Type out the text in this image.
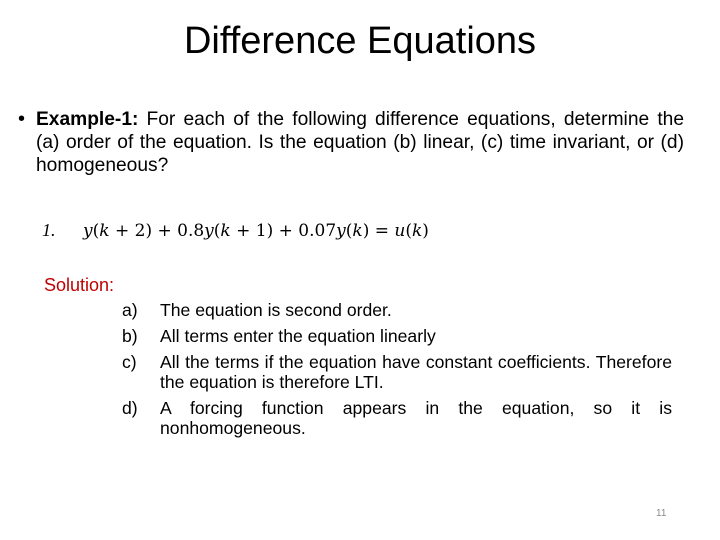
Difference Equations
• Example-1: For each of the following difference equations, determine the (a) order of the equation. Is the equation (b) linear, (c) time invariant, or (d) homogeneous?
1. y(k + 2) + 0.8y(k + 1) + 0.07y(k) = u(k)
Solution:
a)	The equation is second order.
b)	All terms enter the equation linearly
c)	All the terms if the equation have constant coefficients. Therefore the equation is therefore LTI.
d)	A forcing function appears in the equation, so it is nonhomogeneous.
11
